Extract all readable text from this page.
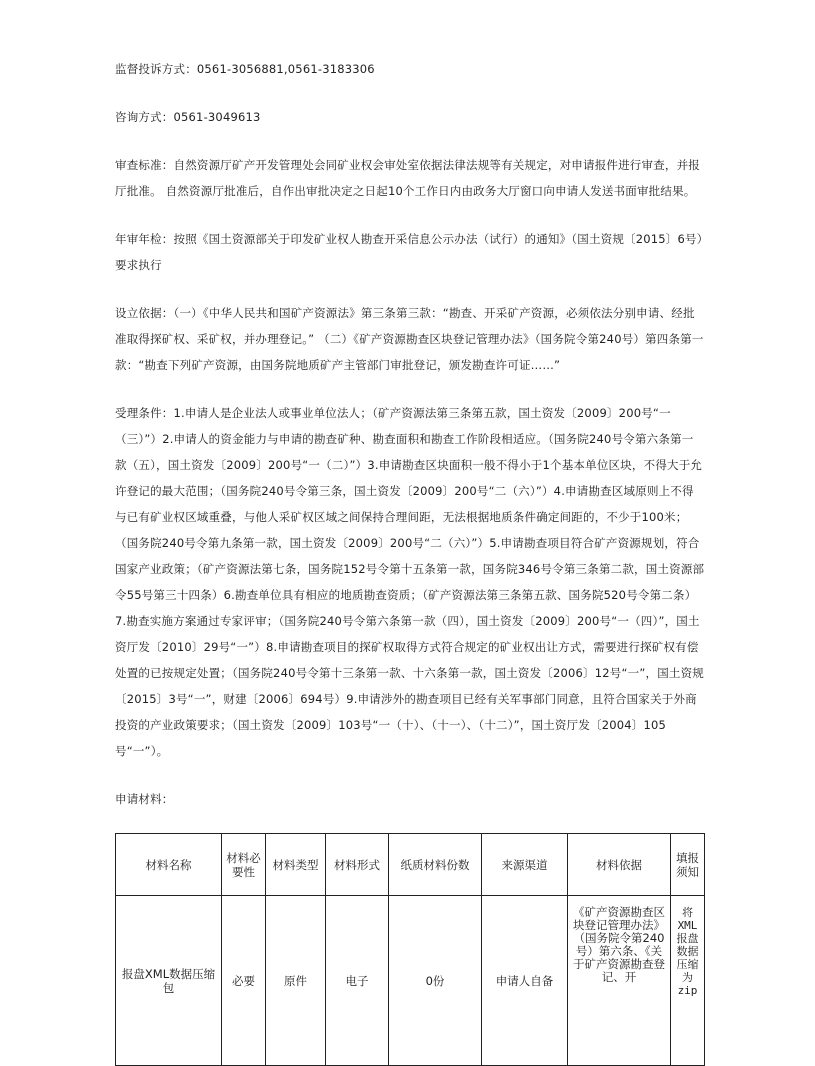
监督投诉方式：0561-3056881,0561-3183306

咨询方式：0561-3049613

审查标准：自然资源厅矿产开发管理处会同矿业权会审处室依据法律法规等有关规定，对申请报件进行审查，并报厅批准。 自然资源厅批准后，自作出审批决定之日起10个工作日内由政务大厅窗口向申请人发送书面审批结果。

年审年检：按照《国土资源部关于印发矿业权人勘查开采信息公示办法（试行）的通知》（国土资规〔2015〕6号）要求执行

设立依据：（一）《中华人民共和国矿产资源法》第三条第三款：“勘查、开采矿产资源，必须依法分别申请、经批准取得探矿权、采矿权，并办理登记。” （二）《矿产资源勘查区块登记管理办法》（国务院令第240号）第四条第一款：“勘查下列矿产资源，由国务院地质矿产主管部门审批登记，颁发勘查许可证……”

受理条件：1.申请人是企业法人或事业单位法人；（矿产资源法第三条第五款，国土资发〔2009〕200号“一（三）”）2.申请人的资金能力与申请的勘查矿种、勘查面积和勘查工作阶段相适应。（国务院240号令第六条第一款（五），国土资发〔2009〕200号“一（二）”）3.申请勘查区块面积一般不得小于1个基本单位区块，不得大于允许登记的最大范围；（国务院240号令第三条，国土资发〔2009〕200号“二（六）”）4.申请勘查区域原则上不得与已有矿业权区域重叠，与他人采矿权区域之间保持合理间距，无法根据地质条件确定间距的，不少于100米；（国务院240号令第九条第一款，国土资发〔2009〕200号“二（六）”）5.申请勘查项目符合矿产资源规划，符合国家产业政策；（矿产资源法第七条，国务院152号令第十五条第一款，国务院346号令第三条第二款，国土资源部令55号第三十四条）6.勘查单位具有相应的地质勘查资质；（矿产资源法第三条第五款、国务院520号令第二条）7.勘查实施方案通过专家评审；（国务院240号令第六条第一款（四），国土资发〔2009〕200号“一（四）”，国土资厅发〔2010〕29号“一”）8.申请勘查项目的探矿权取得方式符合规定的矿业权出让方式，需要进行探矿权有偿处置的已按规定处置；（国务院240号令第十三条第一款、十六条第一款，国土资发〔2006〕12号“一”，国土资规〔2015〕3号“一”，财建〔2006〕694号）9.申请涉外的勘查项目已经有关军事部门同意，且符合国家关于外商投资的产业政策要求；（国土资发〔2009〕103号“一（十）、（十一）、（十二）”，国土资厅发〔2004〕105号“一”）。

申请材料：

材料名称	材料必要性	材料类型	材料形式	纸质材料份数	来源渠道	材料依据	填报须知
报盘XML数据压缩包	必要	原件	电子	0份	申请人自备	《矿产资源勘查区块登记管理办法》（国务院令第240号）第六条、《关于矿产资源勘查登记、开	将XML报盘数据压缩为zip
